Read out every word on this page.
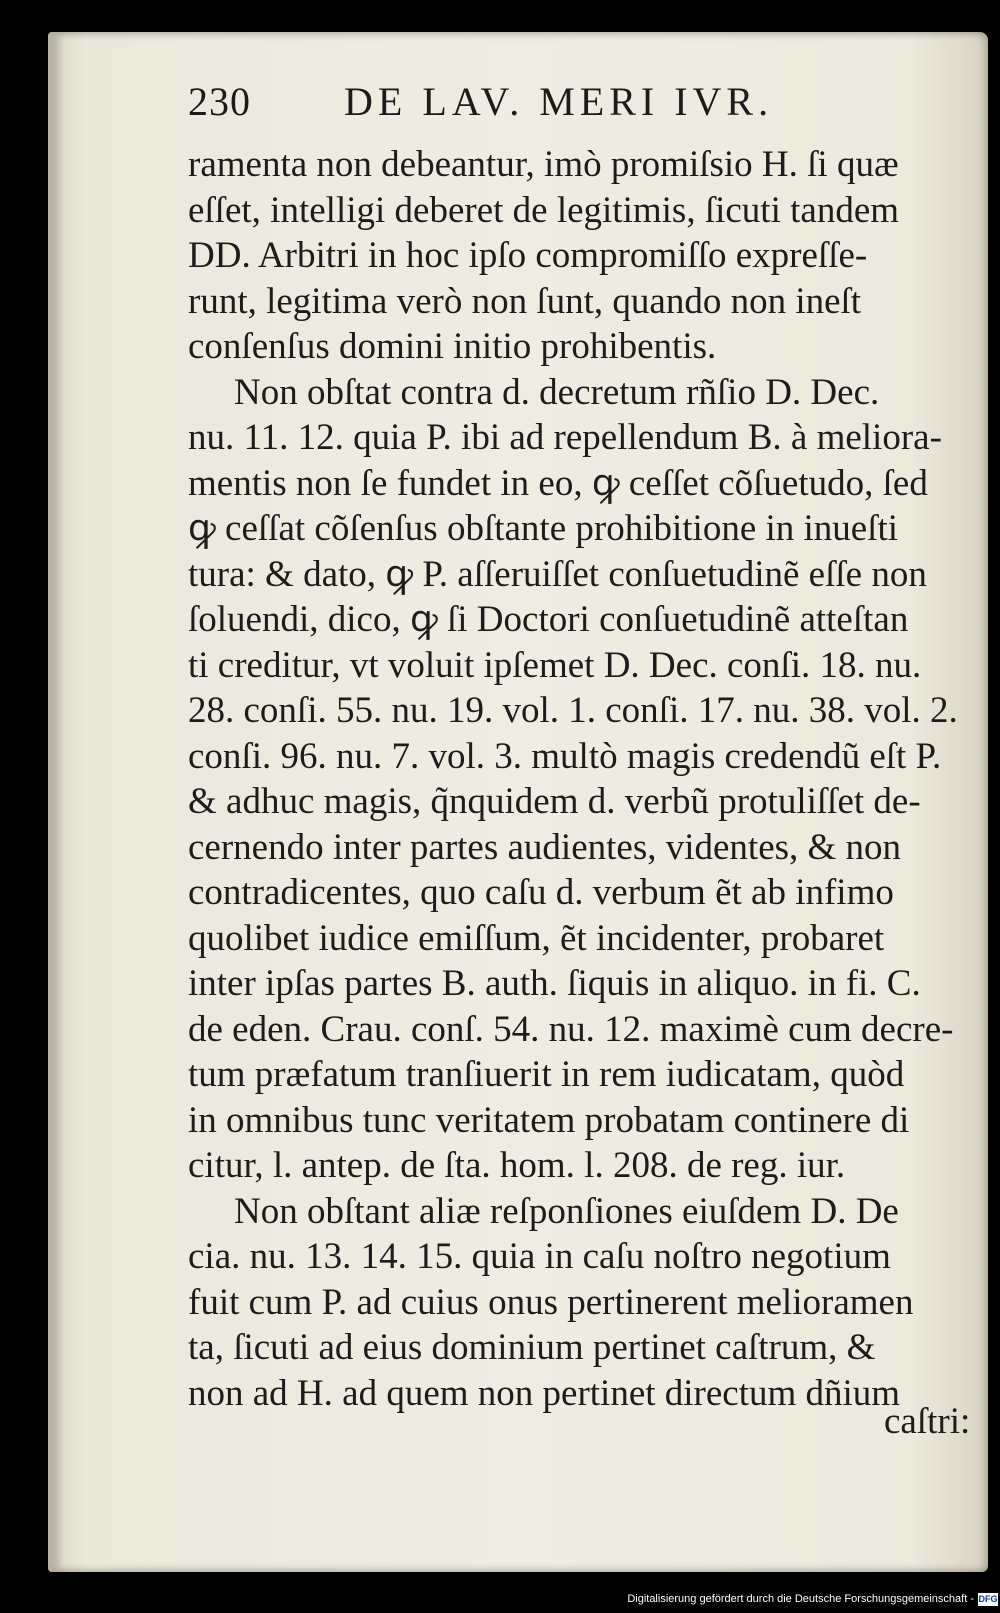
230 DE LAV. MERI IVR.
ramenta non debeantur, imò promiſsio H. ſi quæ
eſſet, intelligi deberet de legitimis, ſicuti tandem
DD. Arbitri in hoc ipſo compromiſſo expreſſe-
runt, legitima verò non ſunt, quando non ineſt
conſenſus domini initio prohibentis.
Non obſtat contra d. decretum rñſio D. Dec.
nu. 11. 12. quia P. ibi ad repellendum B. à meliora-
mentis non ſe fundet in eo, ꝙ ceſſet cõſuetudo, ſed
ꝙ ceſſat cõſenſus obſtante prohibitione in inueſti
tura: & dato, ꝙ P. aſſeruiſſet conſuetudinẽ eſſe non
ſoluendi, dico, ꝙ ſi Doctori conſuetudinẽ atteſtan
ti creditur, vt voluit ipſemet D. Dec. conſi. 18. nu.
28. conſi. 55. nu. 19. vol. 1. conſi. 17. nu. 38. vol. 2.
conſi. 96. nu. 7. vol. 3. multò magis credendũ eſt P.
& adhuc magis, q̃nquidem d. verbũ protuliſſet de-
cernendo inter partes audientes, videntes, & non
contradicentes, quo caſu d. verbum ẽt ab infimo
quolibet iudice emiſſum, ẽt incidenter, probaret
inter ipſas partes B. auth. ſiquis in aliquo. in fi. C.
de eden. Crau. conſ. 54. nu. 12. maximè cum decre-
tum præfatum tranſiuerit in rem iudicatam, quòd
in omnibus tunc veritatem probatam continere di
citur, l. antep. de ſta. hom. l. 208. de reg. iur.
Non obſtant aliæ reſponſiones eiuſdem D. De
cia. nu. 13. 14. 15. quia in caſu noſtro negotium
fuit cum P. ad cuius onus pertinerent melioramen
ta, ſicuti ad eius dominium pertinet caſtrum, &
non ad H. ad quem non pertinet directum dñium
caſtri:
Digitalisierung gefördert durch die Deutsche Forschungsgemeinschaft - DFG
